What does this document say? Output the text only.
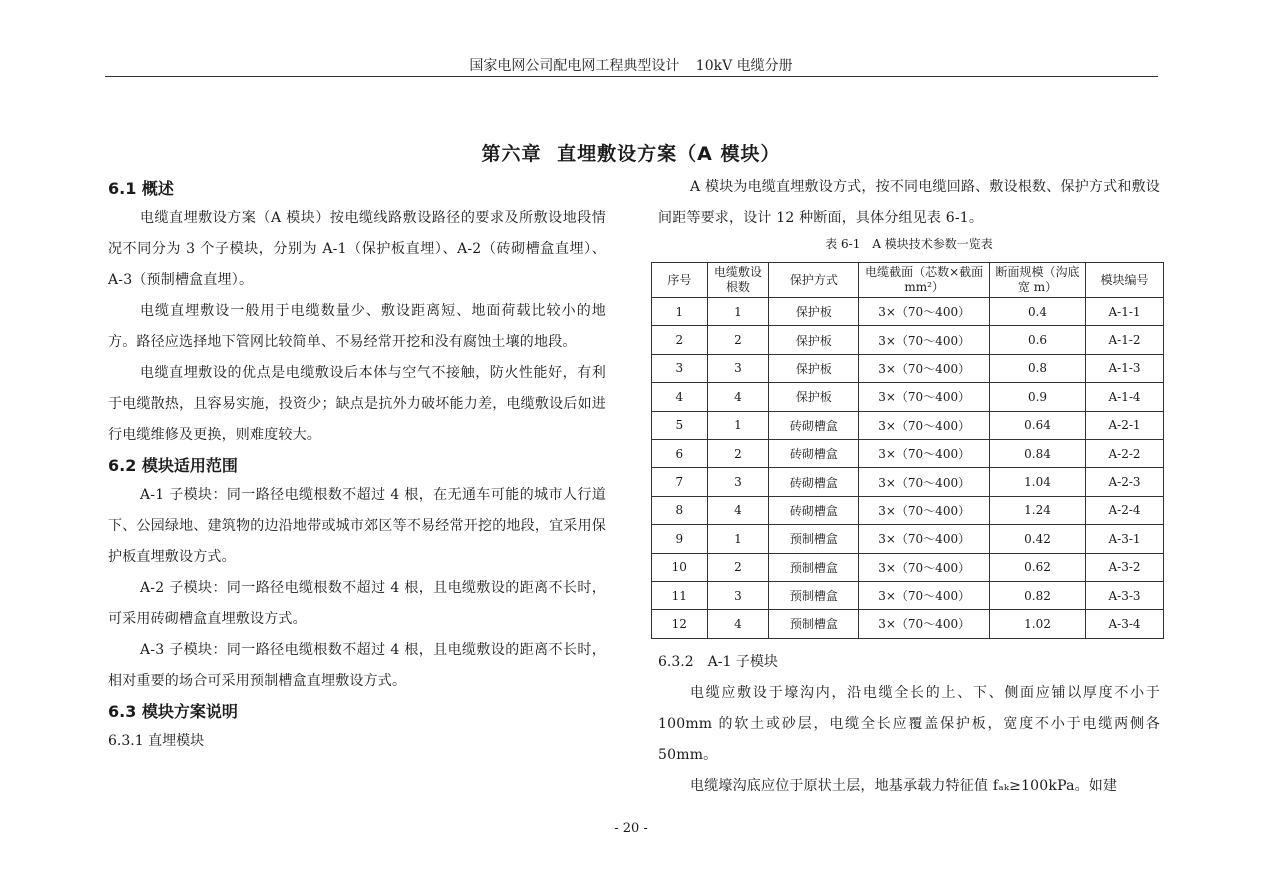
国家电网公司配电网工程典型设计 10kV 电缆分册
第六章 直埋敷设方案（A 模块）
6.1 概述

电缆直埋敷设方案（A 模块）按电缆线路敷设路径的要求及所敷设地段情况不同分为 3 个子模块，分别为 A-1（保护板直埋）、A-2（砖砌槽盒直埋）、A-3（预制槽盒直埋）。

电缆直埋敷设一般用于电缆数量少、敷设距离短、地面荷载比较小的地方。路径应选择地下管网比较简单、不易经常开挖和没有腐蚀土壤的地段。

电缆直埋敷设的优点是电缆敷设后本体与空气不接触，防火性能好，有利于电缆散热，且容易实施，投资少；缺点是抗外力破坏能力差，电缆敷设后如进行电缆维修及更换，则难度较大。

6.2 模块适用范围

A-1 子模块：同一路径电缆根数不超过 4 根，在无通车可能的城市人行道下、公园绿地、建筑物的边沿地带或城市郊区等不易经常开挖的地段，宜采用保护板直埋敷设方式。

A-2 子模块：同一路径电缆根数不超过 4 根，且电缆敷设的距离不长时，可采用砖砌槽盒直埋敷设方式。

A-3 子模块：同一路径电缆根数不超过 4 根，且电缆敷设的距离不长时，相对重要的场合可采用预制槽盒直埋敷设方式。

6.3 模块方案说明

6.3.1 直埋模块

A 模块为电缆直埋敷设方式，按不同电缆回路、敷设根数、保护方式和敷设间距等要求，设计 12 种断面，具体分组见表 6-1。

表 6-1　A 模块技术参数一览表
序号	电缆敷设根数	保护方式	电缆截面（芯数×截面 mm²）	断面规模（沟底宽 m）	模块编号
1	1	保护板	3×（70～400）	0.4	A-1-1
2	2	保护板	3×（70～400）	0.6	A-1-2
3	3	保护板	3×（70～400）	0.8	A-1-3
4	4	保护板	3×（70～400）	0.9	A-1-4
5	1	砖砌槽盒	3×（70～400）	0.64	A-2-1
6	2	砖砌槽盒	3×（70～400）	0.84	A-2-2
7	3	砖砌槽盒	3×（70～400）	1.04	A-2-3
8	4	砖砌槽盒	3×（70～400）	1.24	A-2-4
9	1	预制槽盒	3×（70～400）	0.42	A-3-1
10	2	预制槽盒	3×（70～400）	0.62	A-3-2
11	3	预制槽盒	3×（70～400）	0.82	A-3-3
12	4	预制槽盒	3×（70～400）	1.02	A-3-4

6.3.2　A-1 子模块

电缆应敷设于壕沟内，沿电缆全长的上、下、侧面应铺以厚度不小于 100mm 的软土或砂层，电缆全长应覆盖保护板，宽度不小于电缆两侧各 50mm。

电缆壕沟底应位于原状土层，地基承载力特征值 fₐₖ≥100kPa。如建

- 20 -
